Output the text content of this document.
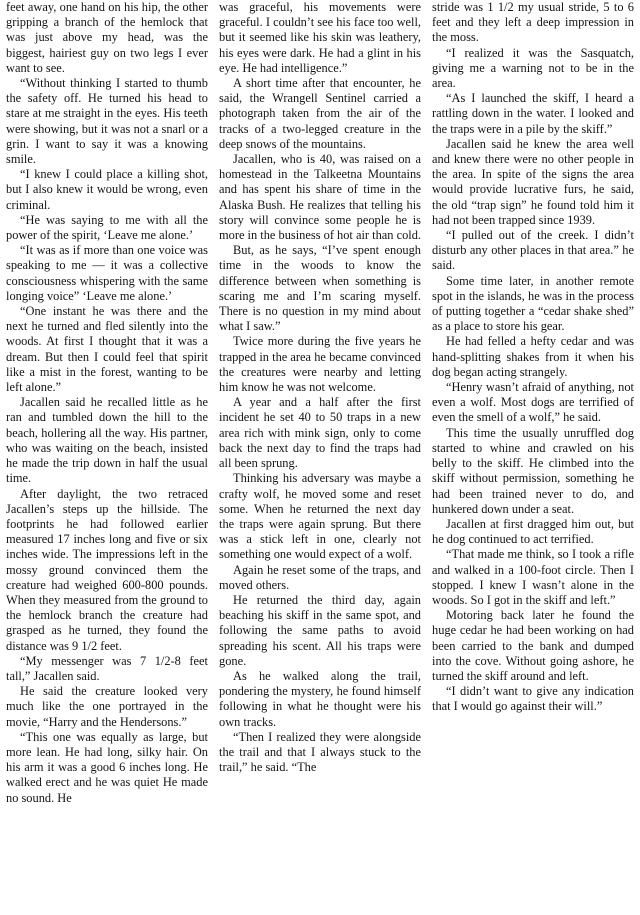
feet away, one hand on his hip, the other gripping a branch of the hemlock that was just above my head, was the biggest, hairiest guy on two legs I ever want to see.

“Without thinking I started to thumb the safety off. He turned his head to stare at me straight in the eyes. His teeth were showing, but it was not a snarl or a grin. I want to say it was a knowing smile.

“I knew I could place a killing shot, but I also knew it would be wrong, even criminal.

“He was saying to me with all the power of the spirit, ‘Leave me alone.’

“It was as if more than one voice was speaking to me — it was a collective consciousness whispering with the same longing voice” ‘Leave me alone.’

“One instant he was there and the next he turned and fled silently into the woods. At first I thought that it was a dream. But then I could feel that spirit like a mist in the forest, wanting to be left alone.”

Jacallen said he recalled little as he ran and tumbled down the hill to the beach, hollering all the way. His partner, who was waiting on the beach, insisted he made the trip down in half the usual time.

After daylight, the two retraced Jacallen’s steps up the hillside. The footprints he had followed earlier measured 17 inches long and five or six inches wide. The impressions left in the mossy ground convinced them the creature had weighed 600-800 pounds. When they measured from the ground to the hemlock branch the creature had grasped as he turned, they found the distance was 9 1/2 feet.

“My messenger was 7 1/2-8 feet tall,” Jacallen said.

He said the creature looked very much like the one portrayed in the movie, “Harry and the Hendersons.”

“This one was equally as large, but more lean. He had long, silky hair. On his arm it was a good 6 inches long. He walked erect and he was quiet He made no sound. He

was graceful, his movements were graceful. I couldn’t see his face too well, but it seemed like his skin was leathery, his eyes were dark. He had a glint in his eye. He had intelligence.”

A short time after that encounter, he said, the Wrangell Sentinel carried a photograph taken from the air of the tracks of a two-legged creature in the deep snows of the mountains.

Jacallen, who is 40, was raised on a homestead in the Talkeetna Mountains and has spent his share of time in the Alaska Bush. He realizes that telling his story will convince some people he is more in the business of hot air than cold.

But, as he says, “I’ve spent enough time in the woods to know the difference between when something is scaring me and I’m scaring myself. There is no question in my mind about what I saw.”

Twice more during the five years he trapped in the area he became convinced the creatures were nearby and letting him know he was not welcome.

A year and a half after the first incident he set 40 to 50 traps in a new area rich with mink sign, only to come back the next day to find the traps had all been sprung.

Thinking his adversary was maybe a crafty wolf, he moved some and reset some. When he returned the next day the traps were again sprung. But there was a stick left in one, clearly not something one would expect of a wolf.

Again he reset some of the traps, and moved others.

He returned the third day, again beaching his skiff in the same spot, and following the same paths to avoid spreading his scent. All his traps were gone.

As he walked along the trail, pondering the mystery, he found himself following in what he thought were his own tracks.

“Then I realized they were alongside the trail and that I always stuck to the trail,” he said. “The

stride was 1 1/2 my usual stride, 5 to 6 feet and they left a deep impression in the moss.

“I realized it was the Sasquatch, giving me a warning not to be in the area.

“As I launched the skiff, I heard a rattling down in the water. I looked and the traps were in a pile by the skiff.”

Jacallen said he knew the area well and knew there were no other people in the area. In spite of the signs the area would provide lucrative furs, he said, the old “trap sign” he found told him it had not been trapped since 1939.

“I pulled out of the creek. I didn’t disturb any other places in that area.” he said.

Some time later, in another remote spot in the islands, he was in the process of putting together a “cedar shake shed” as a place to store his gear.

He had felled a hefty cedar and was hand-splitting shakes from it when his dog began acting strangely.

“Henry wasn’t afraid of anything, not even a wolf. Most dogs are terrified of even the smell of a wolf,” he said.

This time the usually unruffled dog started to whine and crawled on his belly to the skiff. He climbed into the skiff without permission, something he had been trained never to do, and hunkered down under a seat.

Jacallen at first dragged him out, but he dog continued to act terrified.

“That made me think, so I took a rifle and walked in a 100-foot circle. Then I stopped. I knew I wasn’t alone in the woods. So I got in the skiff and left.”

Motoring back later he found the huge cedar he had been working on had been carried to the bank and dumped into the cove. Without going ashore, he turned the skiff around and left.

“I didn’t want to give any indication that I would go against their will.”
